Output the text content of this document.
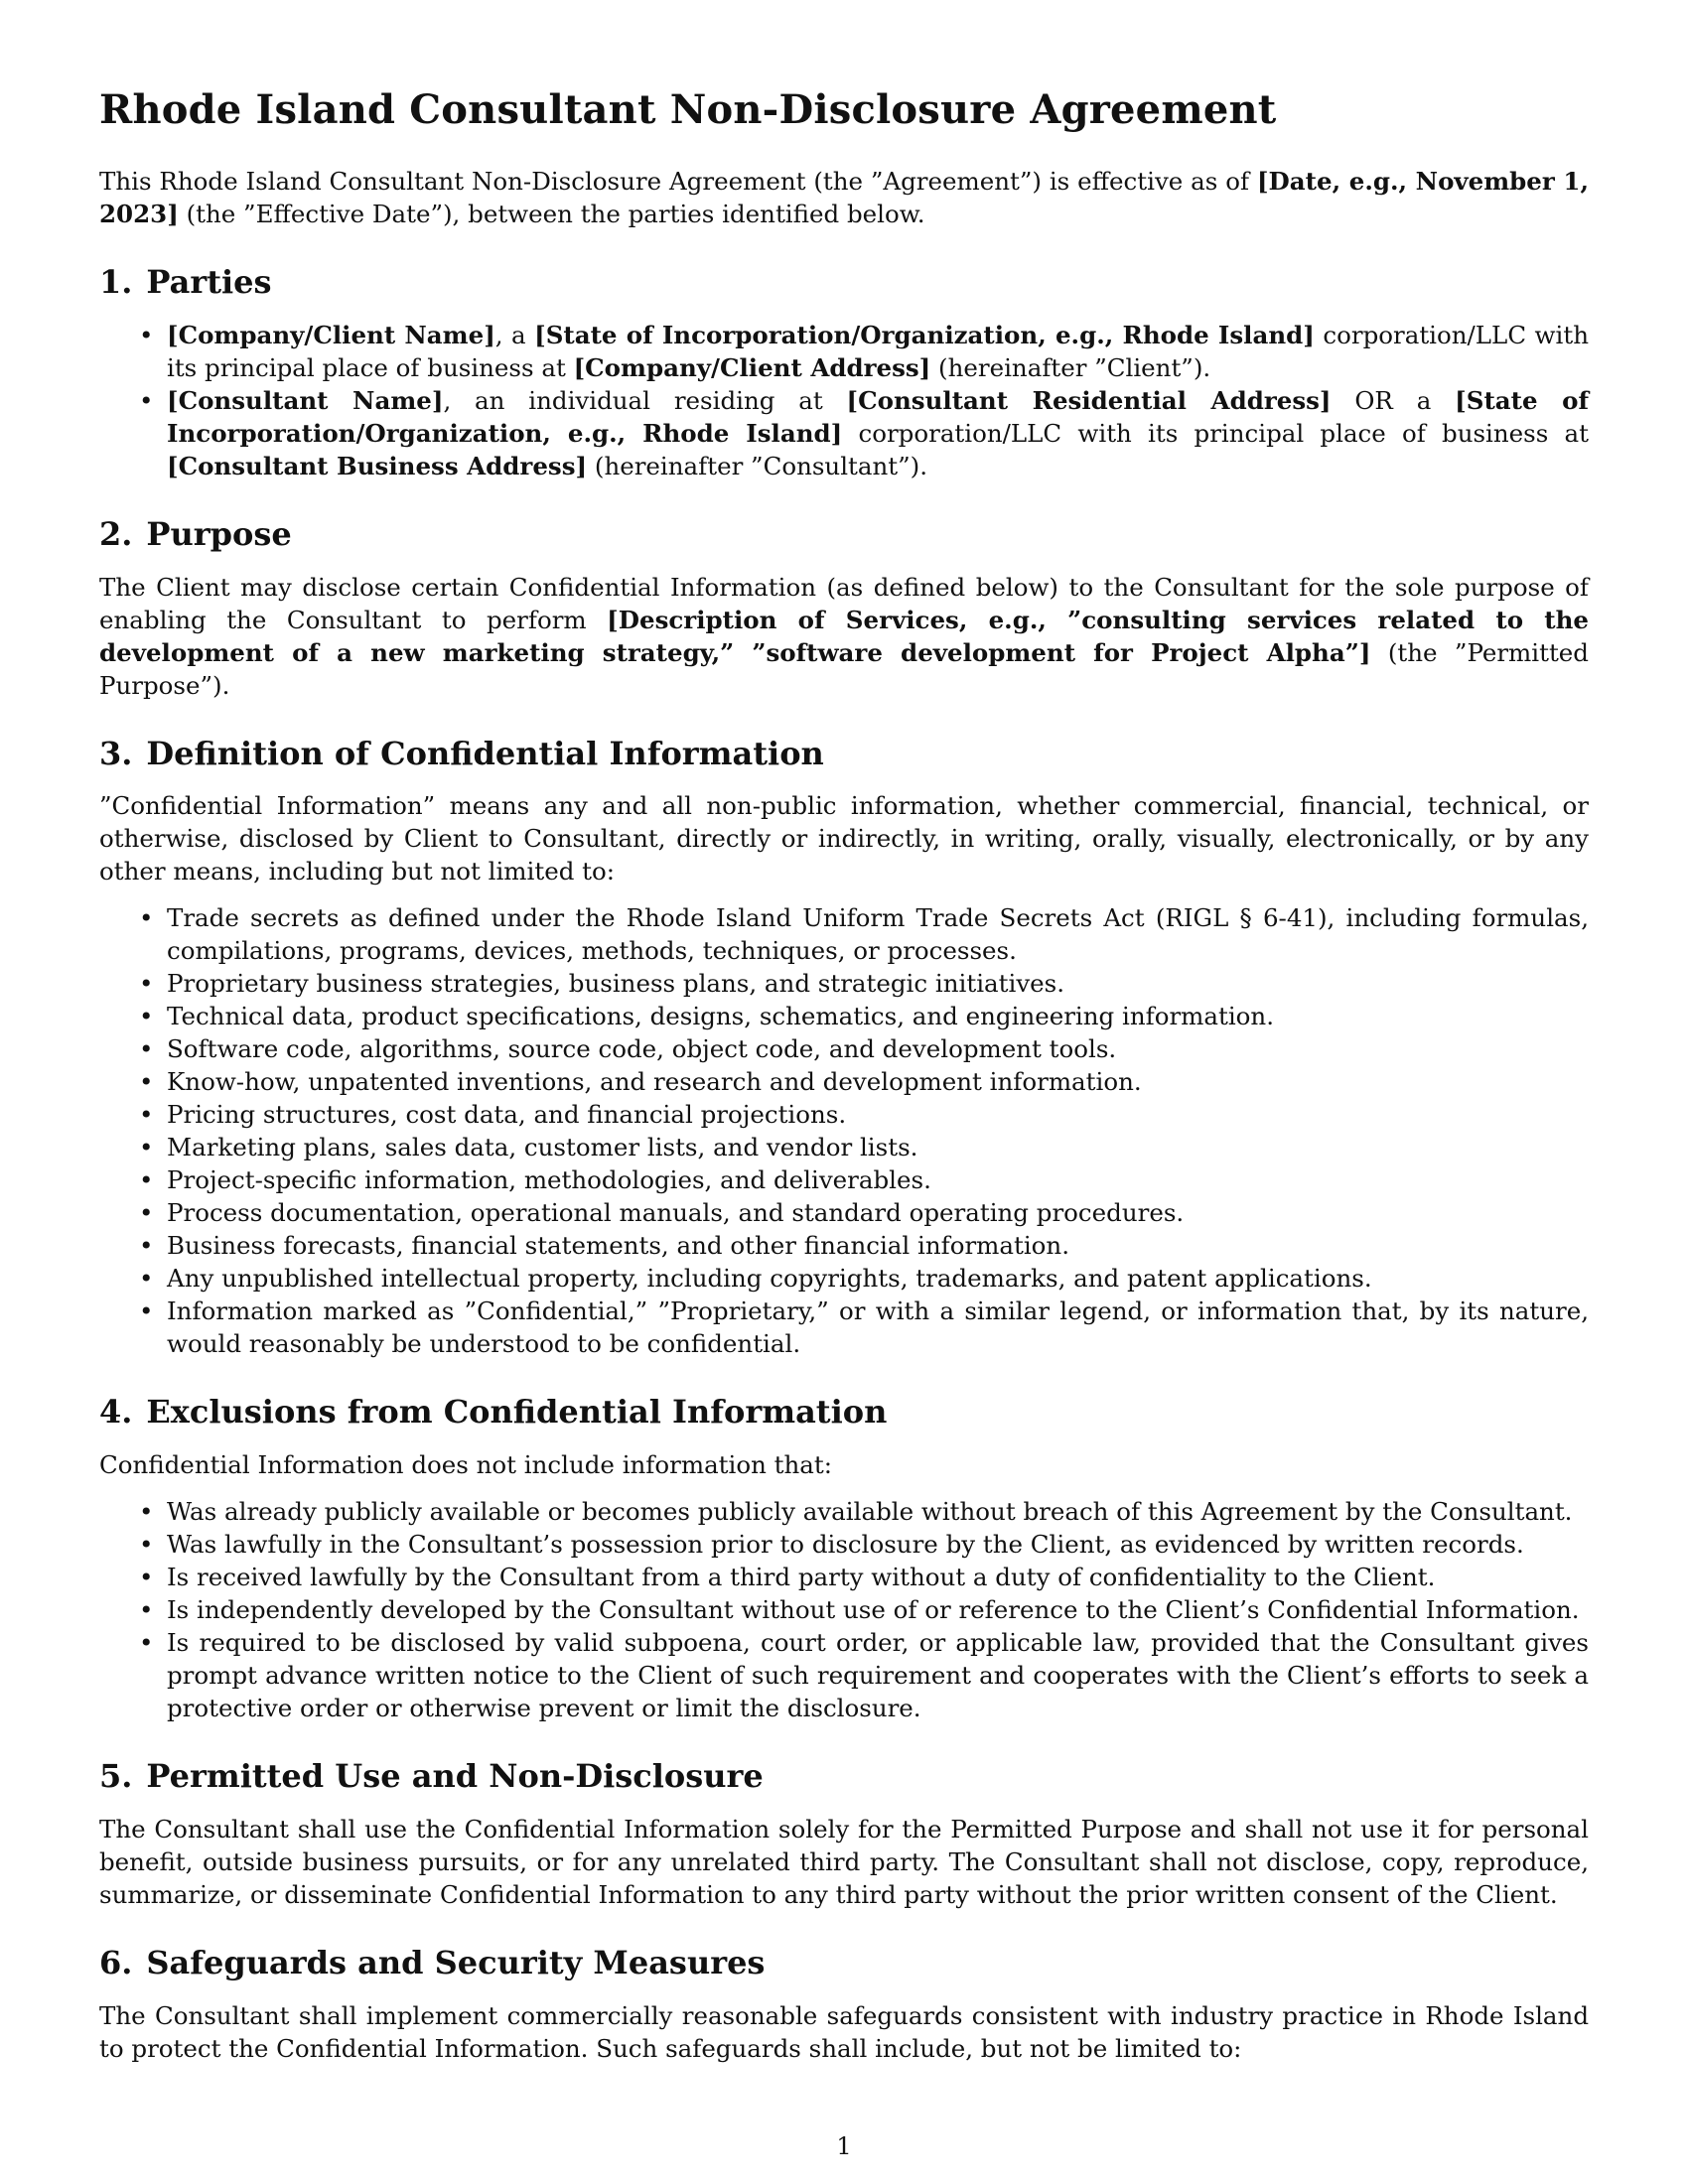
Rhode Island Consultant Non-Disclosure Agreement

This Rhode Island Consultant Non-Disclosure Agreement (the ”Agreement”) is effective as of [Date, e.g., November 1, 2023] (the ”Effective Date”), between the parties identified below.

1. Parties
• [Company/Client Name], a [State of Incorporation/Organization, e.g., Rhode Island] corporation/LLC with its principal place of business at [Company/Client Address] (hereinafter ”Client”).
• [Consultant Name], an individual residing at [Consultant Residential Address] OR a [State of Incorporation/Organization, e.g., Rhode Island] corporation/LLC with its principal place of business at [Consultant Business Address] (hereinafter ”Consultant”).
2. Purpose

The Client may disclose certain Confidential Information (as defined below) to the Consultant for the sole purpose of enabling the Consultant to perform [Description of Services, e.g., ”consulting services related to the development of a new marketing strategy,” ”software development for Project Alpha”] (the ”Permitted Purpose”).

3. Definition of Confidential Information

”Confidential Information” means any and all non-public information, whether commercial, financial, technical, or otherwise, disclosed by Client to Consultant, directly or indirectly, in writing, orally, visually, electronically, or by any other means, including but not limited to:

• Trade secrets as defined under the Rhode Island Uniform Trade Secrets Act (RIGL § 6-41), including formulas, compilations, programs, devices, methods, techniques, or processes.
• Proprietary business strategies, business plans, and strategic initiatives.
• Technical data, product specifications, designs, schematics, and engineering information.
• Software code, algorithms, source code, object code, and development tools.
• Know-how, unpatented inventions, and research and development information.
• Pricing structures, cost data, and financial projections.
• Marketing plans, sales data, customer lists, and vendor lists.
• Project-specific information, methodologies, and deliverables.
• Process documentation, operational manuals, and standard operating procedures.
• Business forecasts, financial statements, and other financial information.
• Any unpublished intellectual property, including copyrights, trademarks, and patent applications.
• Information marked as ”Confidential,” ”Proprietary,” or with a similar legend, or information that, by its nature, would reasonably be understood to be confidential.
4. Exclusions from Confidential Information

Confidential Information does not include information that:

• Was already publicly available or becomes publicly available without breach of this Agreement by the Consultant.
• Was lawfully in the Consultant’s possession prior to disclosure by the Client, as evidenced by written records.
• Is received lawfully by the Consultant from a third party without a duty of confidentiality to the Client.
• Is independently developed by the Consultant without use of or reference to the Client’s Confidential Information.
• Is required to be disclosed by valid subpoena, court order, or applicable law, provided that the Consultant gives prompt advance written notice to the Client of such requirement and cooperates with the Client’s efforts to seek a protective order or otherwise prevent or limit the disclosure.
5. Permitted Use and Non-Disclosure

The Consultant shall use the Confidential Information solely for the Permitted Purpose and shall not use it for personal benefit, outside business pursuits, or for any unrelated third party. The Consultant shall not disclose, copy, reproduce, summarize, or disseminate Confidential Information to any third party without the prior written consent of the Client.

6. Safeguards and Security Measures

The Consultant shall implement commercially reasonable safeguards consistent with industry practice in Rhode Island to protect the Confidential Information. Such safeguards shall include, but not be limited to:

1
